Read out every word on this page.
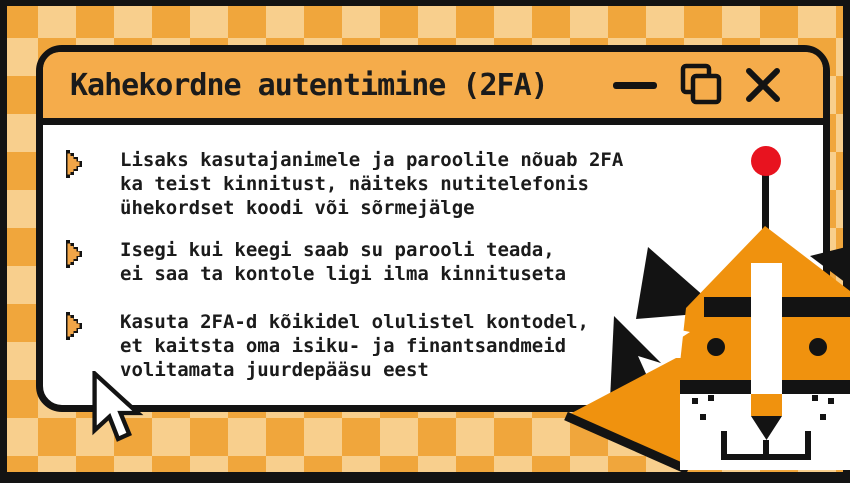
Kahekordne autentimine (2FA)
Lisaks kasutajanimele ja paroolile nõuab 2FA
ka teist kinnitust, näiteks nutitelefonis
ühekordset koodi või sõrmejälge
Isegi kui keegi saab su parooli teada,
ei saa ta kontole ligi ilma kinnituseta
Kasuta 2FA-d kõikidel olulistel kontodel,
et kaitsta oma isiku- ja finantsandmeid
volitamata juurdepääsu eest
